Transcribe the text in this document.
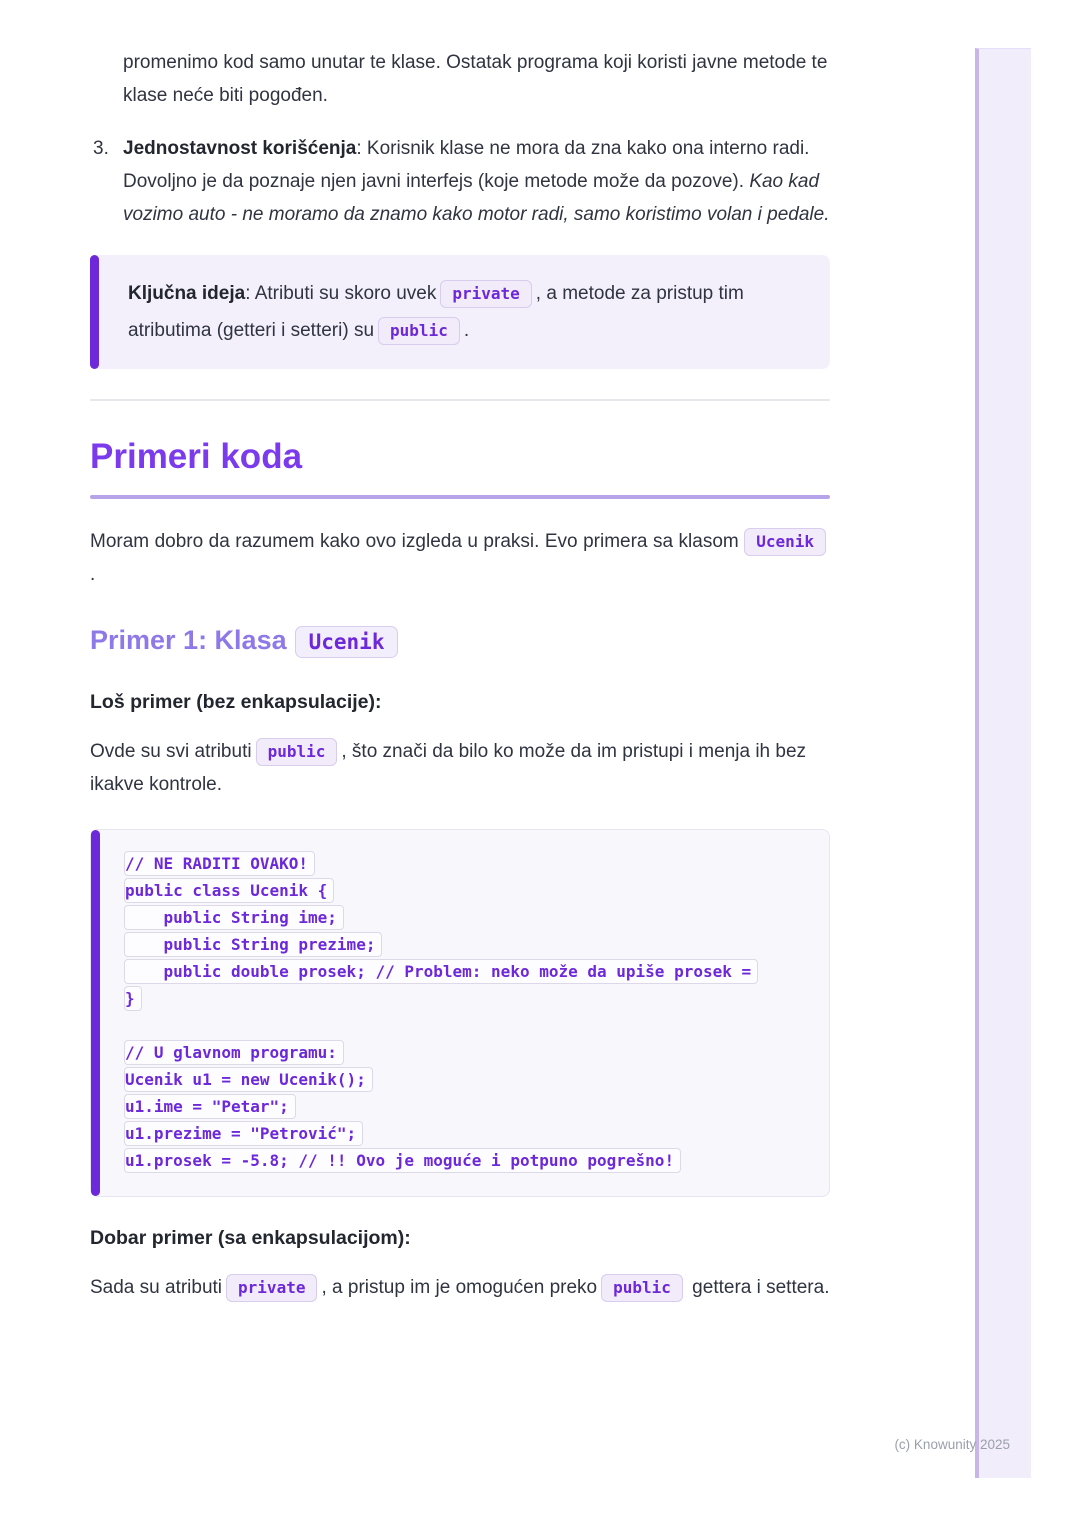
promenimo kod samo unutar te klase. Ostatak programa koji koristi javne metode te klase neće biti pogođen.

3. Jednostavnost korišćenja: Korisnik klase ne mora da zna kako ona interno radi. Dovoljno je da poznaje njen javni interfejs (koje metode može da pozove). Kao kad vozimo auto - ne moramo da znamo kako motor radi, samo koristimo volan i pedale.

Ključna ideja: Atributi su skoro uvek private , a metode za pristup tim atributima (getteri i setteri) su public .

Primeri koda

Moram dobro da razumem kako ovo izgleda u praksi. Evo primera sa klasom Ucenik .

Primer 1: Klasa Ucenik

Loš primer (bez enkapsulacije):

Ovde su svi atributi public , što znači da bilo ko može da im pristupi i menja ih bez ikakve kontrole.

// NE RADITI OVAKO!
public class Ucenik {
public String ime;
public String prezime;
public double prosek; // Problem: neko može da upiše prosek =
}
// U glavnom programu:
Ucenik u1 = new Ucenik();
u1.ime = "Petar";
u1.prezime = "Petrović";
u1.prosek = -5.8; // !! Ovo je moguće i potpuno pogrešno!

Dobar primer (sa enkapsulacijom):

Sada su atributi private , a pristup im je omogućen preko public gettera i settera.

(c) Knowunity 2025
